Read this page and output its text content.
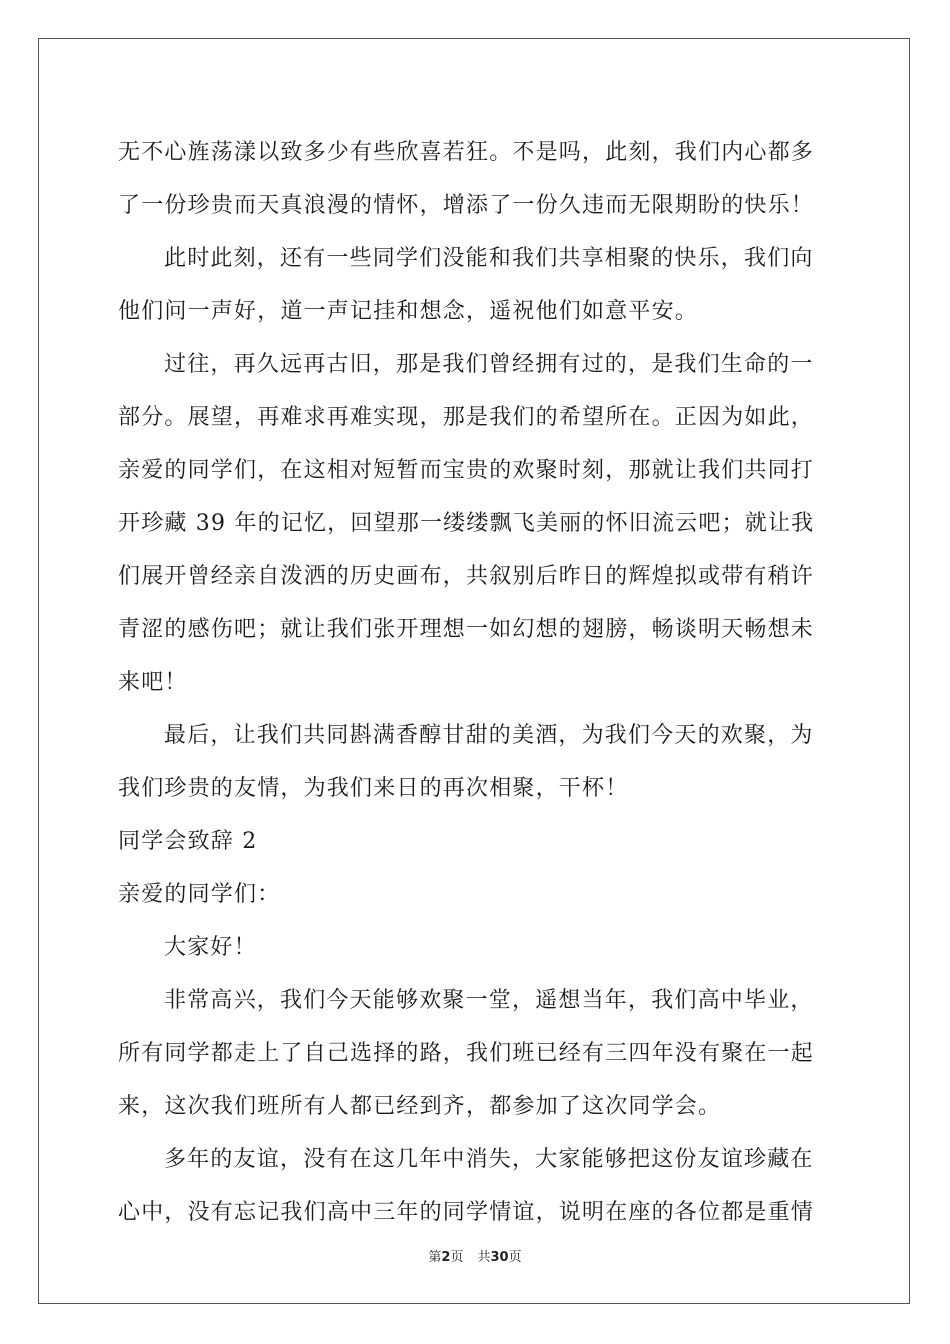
无不心旌荡漾以致多少有些欣喜若狂。不是吗，此刻，我们内心都多
了一份珍贵而天真浪漫的情怀，增添了一份久违而无限期盼的快乐！
此时此刻，还有一些同学们没能和我们共享相聚的快乐，我们向
他们问一声好，道一声记挂和想念，遥祝他们如意平安。
过往，再久远再古旧，那是我们曾经拥有过的，是我们生命的一
部分。展望，再难求再难实现，那是我们的希望所在。正因为如此，
亲爱的同学们，在这相对短暂而宝贵的欢聚时刻，那就让我们共同打
开珍藏 39 年的记忆，回望那一缕缕飘飞美丽的怀旧流云吧；就让我
们展开曾经亲自泼洒的历史画布，共叙别后昨日的辉煌拟或带有稍许
青涩的感伤吧；就让我们张开理想一如幻想的翅膀，畅谈明天畅想未
来吧！
最后，让我们共同斟满香醇甘甜的美酒，为我们今天的欢聚，为
我们珍贵的友情，为我们来日的再次相聚，干杯！
同学会致辞 2
亲爱的同学们：
大家好！
非常高兴，我们今天能够欢聚一堂，遥想当年，我们高中毕业，
所有同学都走上了自己选择的路，我们班已经有三四年没有聚在一起
来，这次我们班所有人都已经到齐，都参加了这次同学会。
多年的友谊，没有在这几年中消失，大家能够把这份友谊珍藏在
心中，没有忘记我们高中三年的同学情谊，说明在座的各位都是重情
第2页 共30页
